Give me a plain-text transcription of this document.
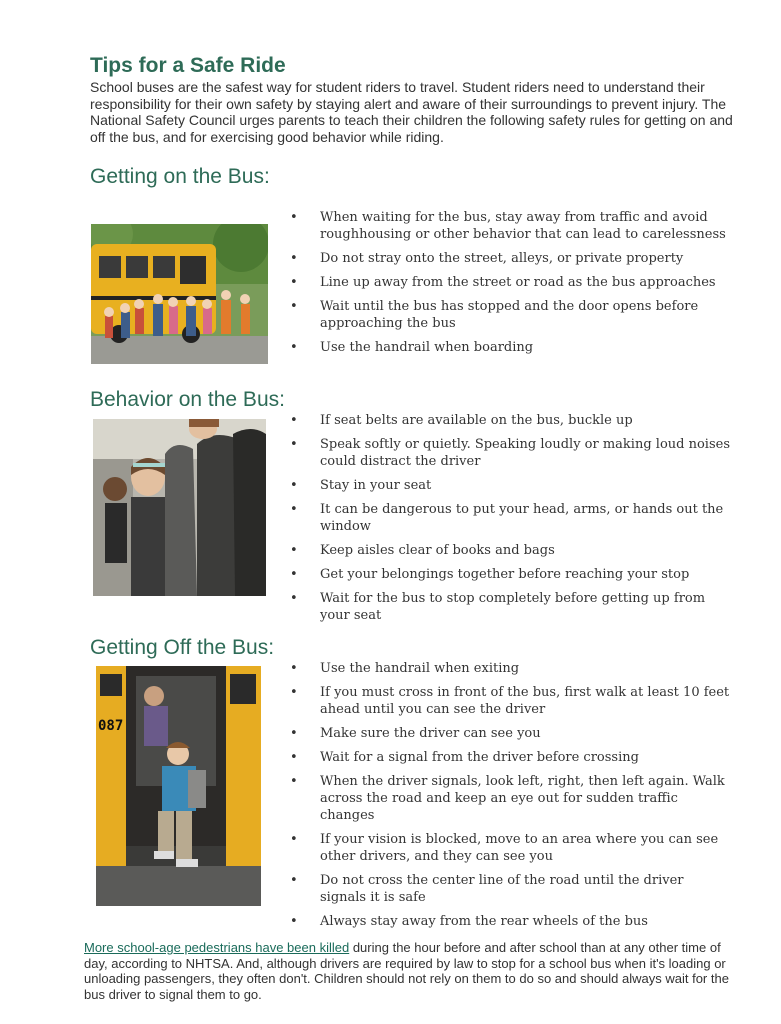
Tips for a Safe Ride

School buses are the safest way for student riders to travel. Student riders need to understand their responsibility for their own safety by staying alert and aware of their surroundings to prevent injury. The National Safety Council urges parents to teach their children the following safety rules for getting on and off the bus, and for exercising good behavior while riding.

Getting on the Bus:
• When waiting for the bus, stay away from traffic and avoid roughhousing or other behavior that can lead to carelessness
• Do not stray onto the street, alleys, or private property
• Line up away from the street or road as the bus approaches
• Wait until the bus has stopped and the door opens before approaching the bus
• Use the handrail when boarding
Behavior on the Bus:
• If seat belts are available on the bus, buckle up
• Speak softly or quietly. Speaking loudly or making loud noises could distract the driver
• Stay in your seat
• It can be dangerous to put your head, arms, or hands out the window
• Keep aisles clear of books and bags
• Get your belongings together before reaching your stop
• Wait for the bus to stop completely before getting up from your seat
Getting Off the Bus:
087
• Use the handrail when exiting
• If you must cross in front of the bus, first walk at least 10 feet ahead until you can see the driver
• Make sure the driver can see you
• Wait for a signal from the driver before crossing
• When the driver signals, look left, right, then left again. Walk across the road and keep an eye out for sudden traffic changes
• If your vision is blocked, move to an area where you can see other drivers, and they can see you
• Do not cross the center line of the road until the driver signals it is safe
• Always stay away from the rear wheels of the bus

More school-age pedestrians have been killed during the hour before and after school than at any other time of day, according to NHTSA. And, although drivers are required by law to stop for a school bus when it's loading or unloading passengers, they often don't. Children should not rely on them to do so and should always wait for the bus driver to signal them to go.
